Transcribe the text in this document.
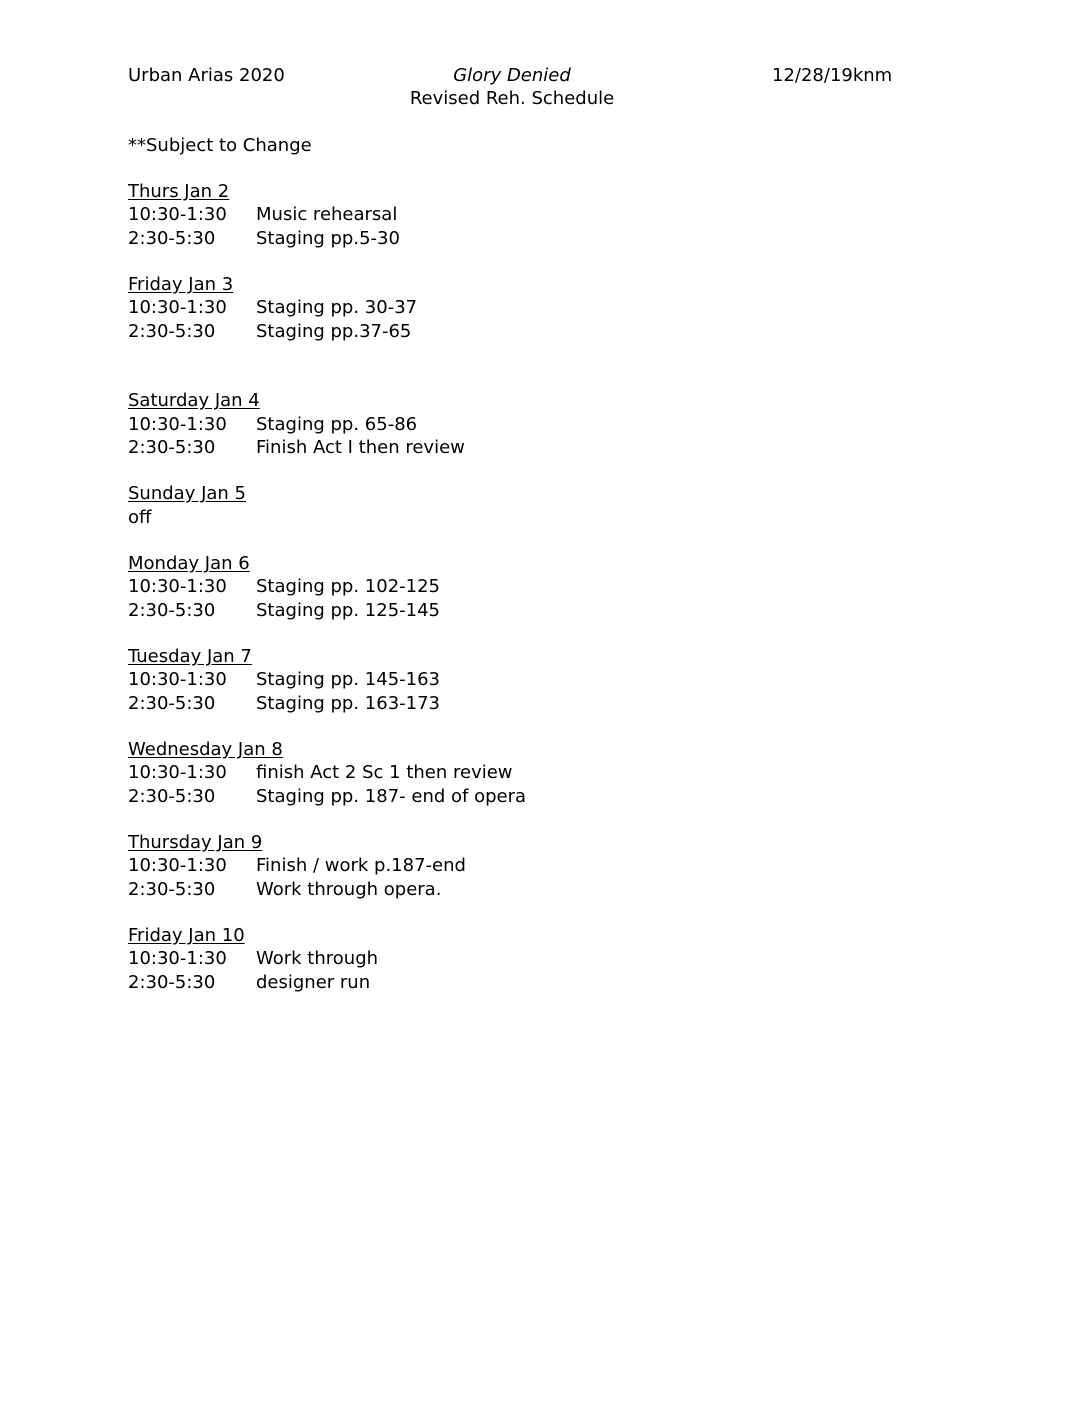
Urban Arias 2020	Glory Denied
Revised Reh. Schedule
12/28/19knm
**Subject to Change
Thurs Jan 2
10:30-1:30 Music rehearsal
2:30-5:30 Staging pp.5-30
Friday Jan 3
10:30-1:30 Staging pp. 30-37
2:30-5:30 Staging pp.37-65
Saturday Jan 4
10:30-1:30 Staging pp. 65-86
2:30-5:30 Finish Act I then review
Sunday Jan 5
off
Monday Jan 6
10:30-1:30 Staging pp. 102-125
2:30-5:30 Staging pp. 125-145
Tuesday Jan 7
10:30-1:30 Staging pp. 145-163
2:30-5:30 Staging pp. 163-173
Wednesday Jan 8
10:30-1:30 finish Act 2 Sc 1 then review
2:30-5:30 Staging pp. 187- end of opera
Thursday Jan 9
10:30-1:30 Finish / work p.187-end
2:30-5:30 Work through opera.
Friday Jan 10
10:30-1:30 Work through
2:30-5:30 designer run
